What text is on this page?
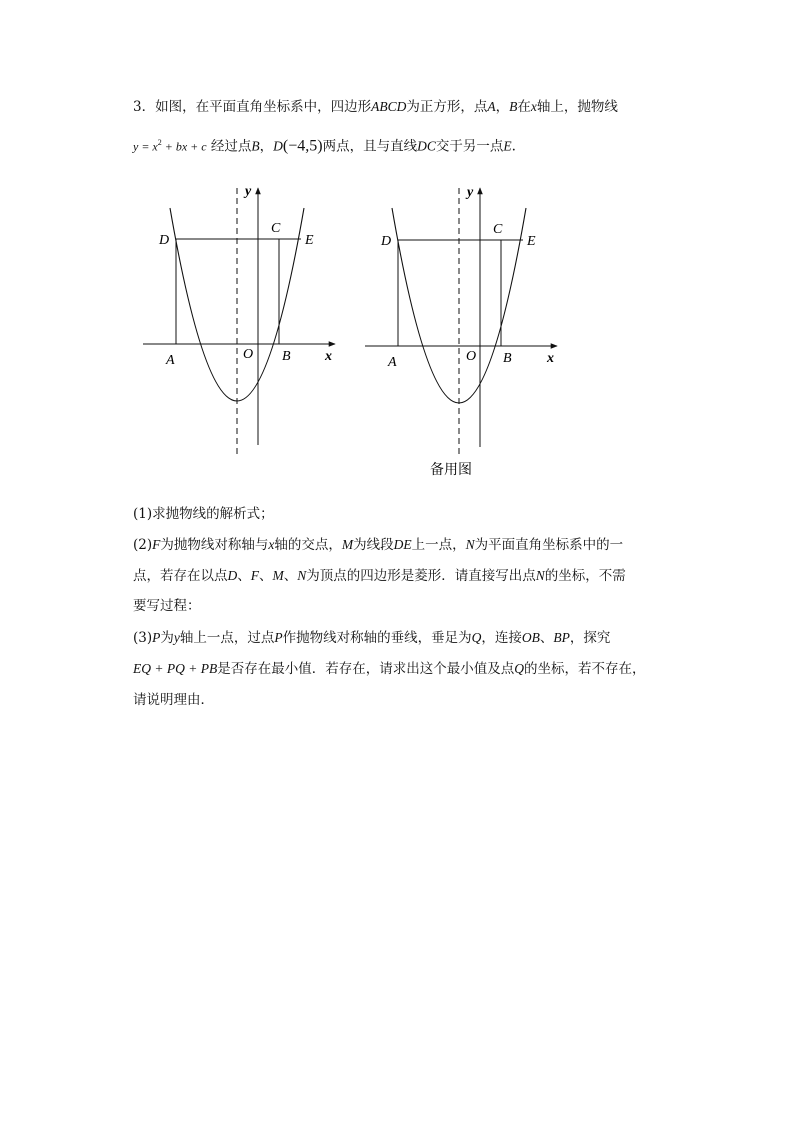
3．如图，在平面直角坐标系中，四边形ABCD为正方形，点A，B在x轴上，抛物线
$y = x^2$ + bx + c 经过点B，D(−4,5)两点，且与直线DC交于另一点E.
D
C
E
A	O B x
y
D
C
E
A	O B	x
y
备用图
(1)求抛物线的解析式；
(2)F为抛物线对称轴与x轴的交点，M为线段DE上一点，N为平面直角坐标系中的一
点，若存在以点D、F、M、N为顶点的四边形是菱形．请直接写出点N的坐标，不需
要写过程：
(3)P为y轴上一点，过点P作抛物线对称轴的垂线，垂足为Q，连接OB、BP，探究
EQ + PQ + PB是否存在最小值．若存在，请求出这个最小值及点Q的坐标，若不存在，
请说明理由．
